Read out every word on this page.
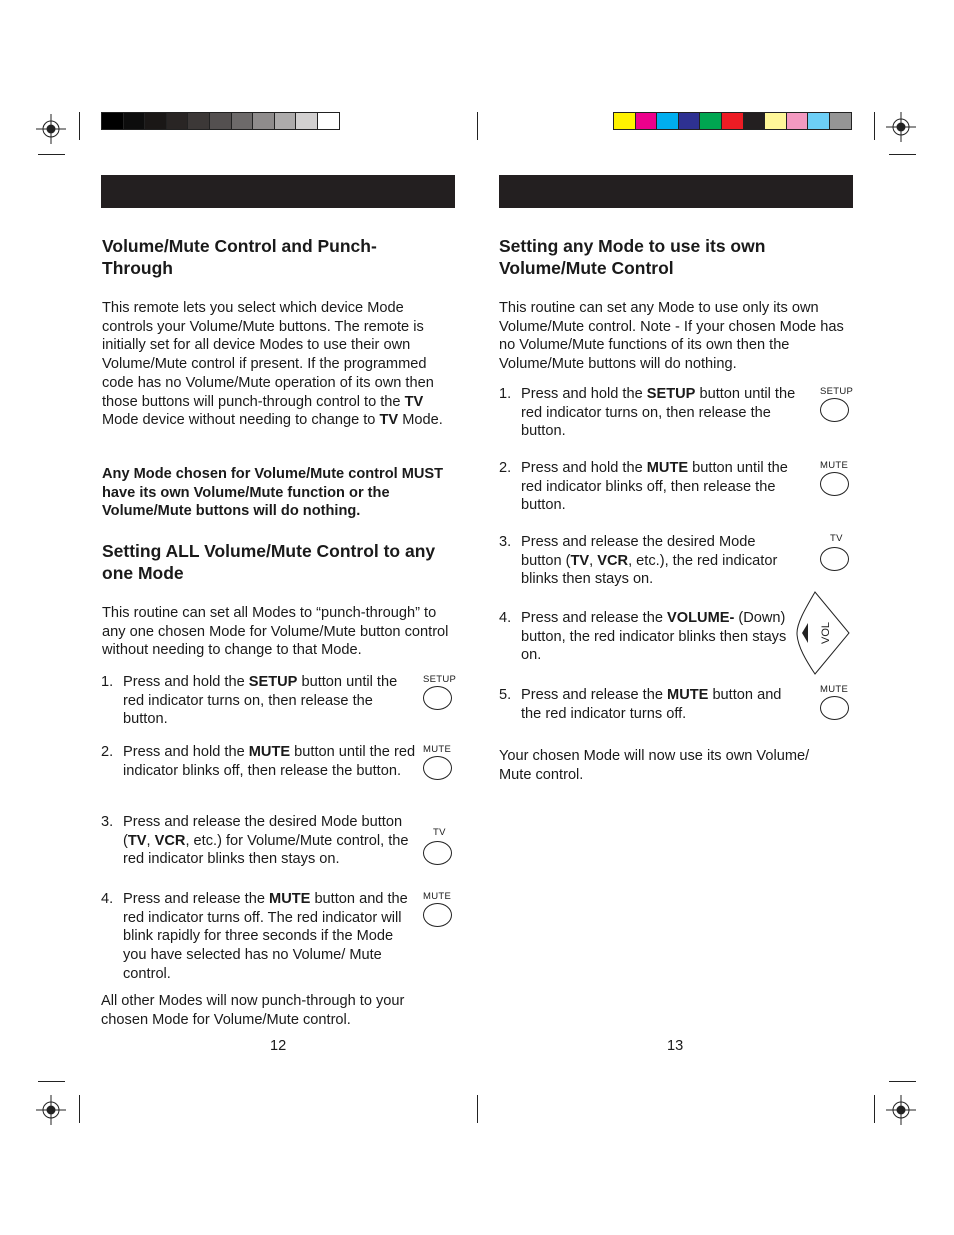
Volume/Mute Control and Punch-Through

This remote lets you select which device Mode controls your Volume/Mute buttons. The remote is initially set for all device Modes to use their own Volume/Mute control if present. If the programmed code has no Volume/Mute operation of its own then those buttons will punch-through control to the TV Mode device without needing to change to TV Mode.

Any Mode chosen for Volume/Mute control MUST have its own Volume/Mute function or the Volume/Mute buttons will do nothing.

Setting ALL Volume/Mute Control to any one Mode

This routine can set all Modes to “punch-through” to any one chosen Mode for Volume/Mute button control without needing to change to that Mode.

1. Press and hold the SETUP button until the red indicator turns on, then release the button.
SETUP
2. Press and hold the MUTE button until the red indicator blinks off, then release the button.
MUTE
3. Press and release the desired Mode button (TV, VCR, etc.) for Volume/Mute control, the red indicator blinks then stays on.
TV
4. Press and release the MUTE button and the red indicator turns off. The red indicator will blink rapidly for three seconds if the Mode you have selected has no Volume/ Mute control.
MUTE

All other Modes will now punch-through to your chosen Mode for Volume/Mute control.

12
Setting any Mode to use its own Volume/Mute Control

This routine can set any Mode to use only its own Volume/Mute control. Note - If your chosen Mode has no Volume/Mute functions of its own then the Volume/Mute buttons will do nothing.

1. Press and hold the SETUP button until the red indicator turns on, then release the button.
SETUP
2. Press and hold the MUTE button until the red indicator blinks off, then release the button.
MUTE
3. Press and release the desired Mode button (TV, VCR, etc.), the red indicator blinks then stays on.
TV
4. Press and release the VOLUME- (Down) button, the red indicator blinks then stays on.
VOL
5. Press and release the MUTE button and the red indicator turns off.
MUTE

Your chosen Mode will now use its own Volume/ Mute control.

13
